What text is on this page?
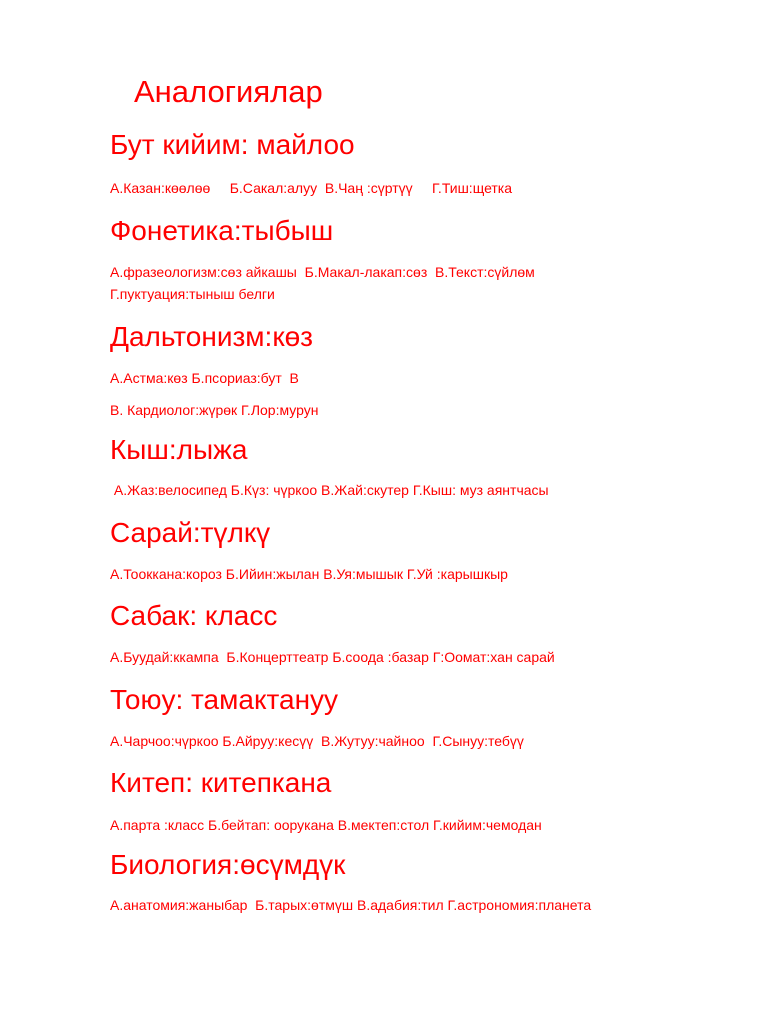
Аналогиялар
Бут кийим: майлоо

А.Казан:көөлөө     Б.Сакал:алуу  В.Чаң :сүртүү     Г.Тиш:щетка

Фонетика:тыбыш

А.фразеологизм:сөз айкашы  Б.Макал-лакап:сөз  В.Текст:сүйлөм

Г.пуктуация:тыныш белги

Дальтонизм:көз

А.Астма:көз Б.псориаз:бут  В

В. Кардиолог:жүрөк Г.Лор:мурун

Кыш:лыжа

А.Жаз:велосипед Б.Күз: чүркоо В.Жай:скутер Г.Кыш: муз аянтчасы

Сарай:түлкү

А.Тооккана:короз Б.Ийин:жылан В.Уя:мышык Г.Уй :карышкыр

Сабак: класс

А.Буудай:ккампа  Б.Концерттеатр Б.соода :базар Г:Оомат:хан сарай

Тоюу: тамактануу

А.Чарчоо:чүркоо Б.Айруу:кесүү  В.Жутуу:чайноо  Г.Сынуу:тебүү

Китеп: китепкана

А.парта :класс Б.бейтап: оорукана В.мектеп:стол Г.кийим:чемодан

Биология:өсүмдүк

А.анатомия:жаныбар  Б.тарых:өтмүш В.адабия:тил Г.астрономия:планета
